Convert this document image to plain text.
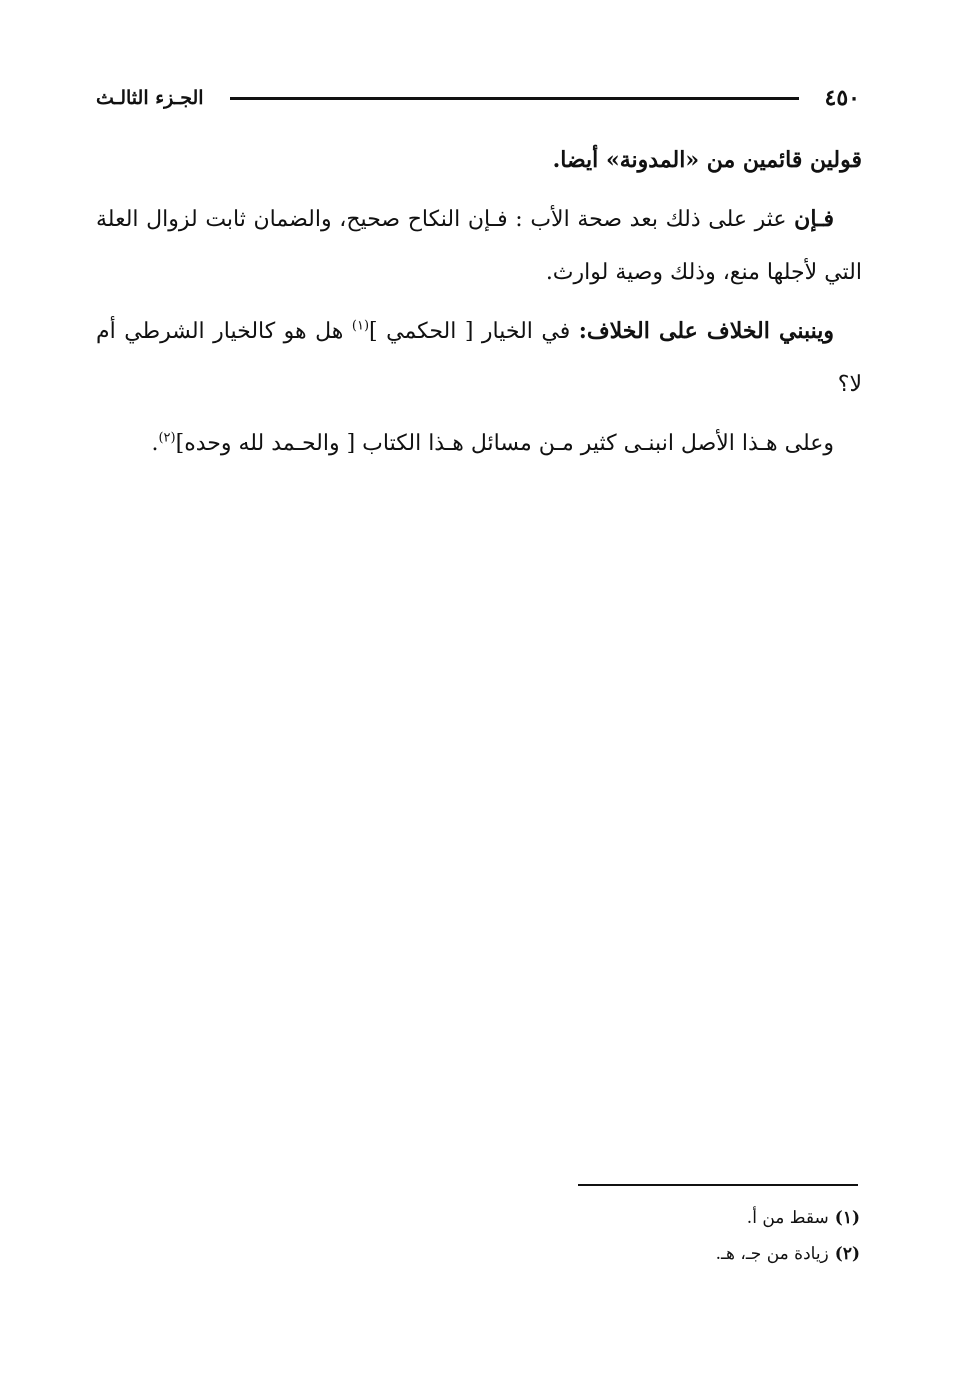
٤٥٠
الجـزء الثالـث

قولين قائمين من «المدونة» أيضا.

فـإن عثر على ذلك بعد صحة الأب : فـإن النكاح صحيح، والضمان ثابت لزوال العلة التي لأجلها منع، وذلك وصية لوارث.

وينبني الخلاف على الخلاف: في الخيار [ الحكمي ]$^{(١)}$ هل هو كالخيار الشرطي أم لا؟

وعلى هـذا الأصل انبنـى كثير مـن مسائل هـذا الكتاب [ والحـمد لله وحده]$^{(٢)}$.

(١)سقط من أ.

(٢)زيادة من جـ، هـ.
